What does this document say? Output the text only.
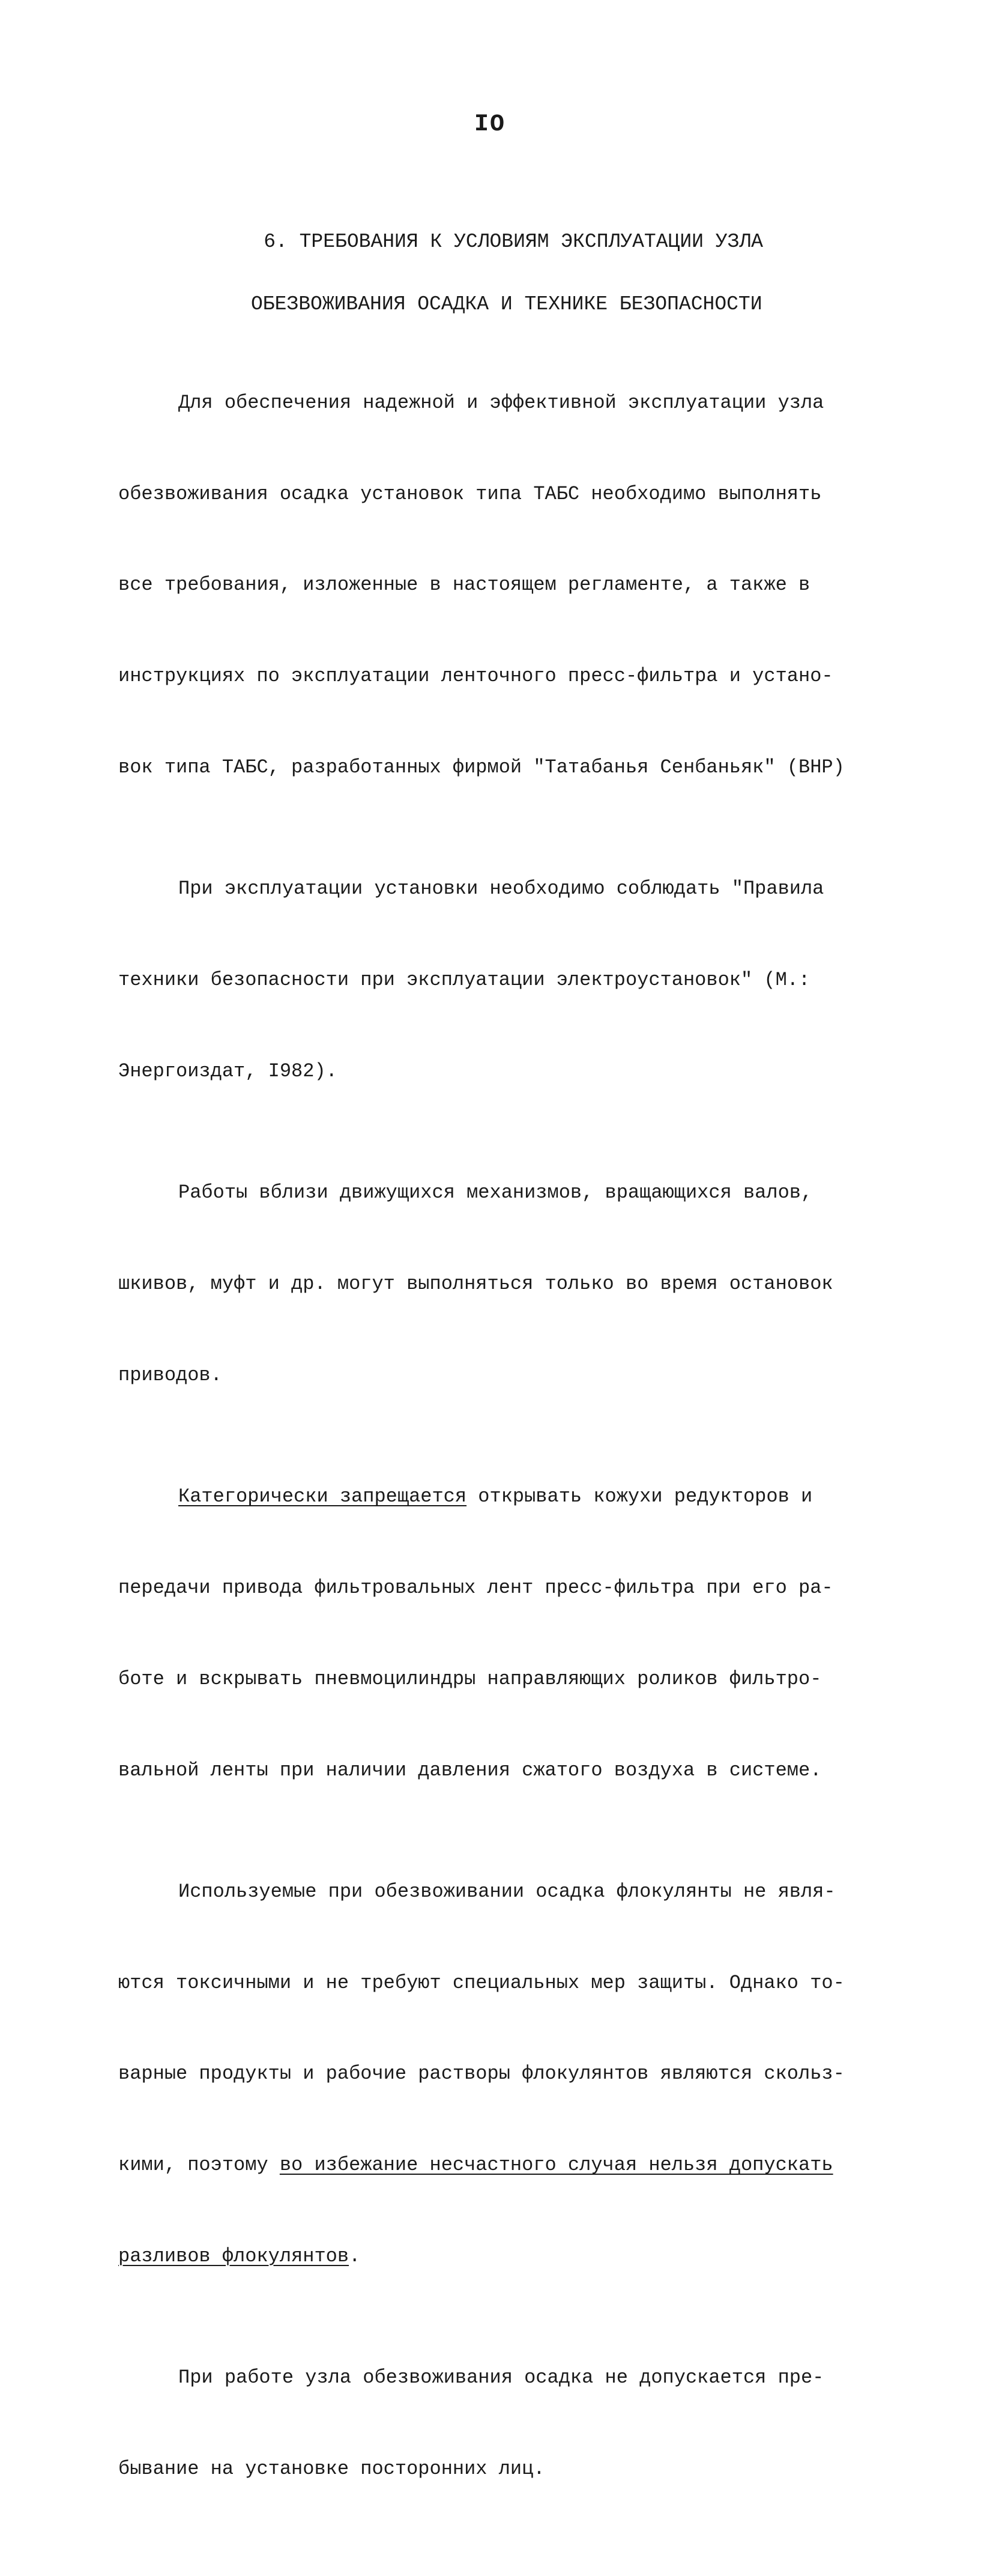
IO

6. ТРЕБОВАНИЯ К УСЛОВИЯМ ЭКСПЛУАТАЦИИ УЗЛА

ОБЕЗВОЖИВАНИЯ ОСАДКА И ТЕХНИКЕ БЕЗОПАСНОСТИ

Для обеспечения надежной и эффективной эксплуатации узла

обезвоживания осадка установок типа ТАБС необходимо выполнять

все требования, изложенные в настоящем регламенте, а также в

инструкциях по эксплуатации ленточного пресс-фильтра и устано-

вок типа ТАБС, разработанных фирмой "Татабанья Сенбаньяк" (ВНР)

При эксплуатации установки необходимо соблюдать "Правила

техники безопасности при эксплуатации электроустановок" (М.:

Энергоиздат, I982).

Работы вблизи движущихся механизмов, вращающихся валов,

шкивов, муфт и др. могут выполняться только во время остановок

приводов.

Категорически запрещается открывать кожухи редукторов и

передачи привода фильтровальных лент пресс-фильтра при его ра-

боте и вскрывать пневмоцилиндры направляющих роликов фильтро-

вальной ленты при наличии давления сжатого воздуха в системе.

Используемые при обезвоживании осадка флокулянты не явля-

ются токсичными и не требуют специальных мер защиты. Однако то-

варные продукты и рабочие растворы флокулянтов являются скольз-

кими, поэтому во избежание несчастного случая нельзя допускать

разливов флокулянтов.

При работе узла обезвоживания осадка не допускается пре-

бывание на установке посторонних лиц.
